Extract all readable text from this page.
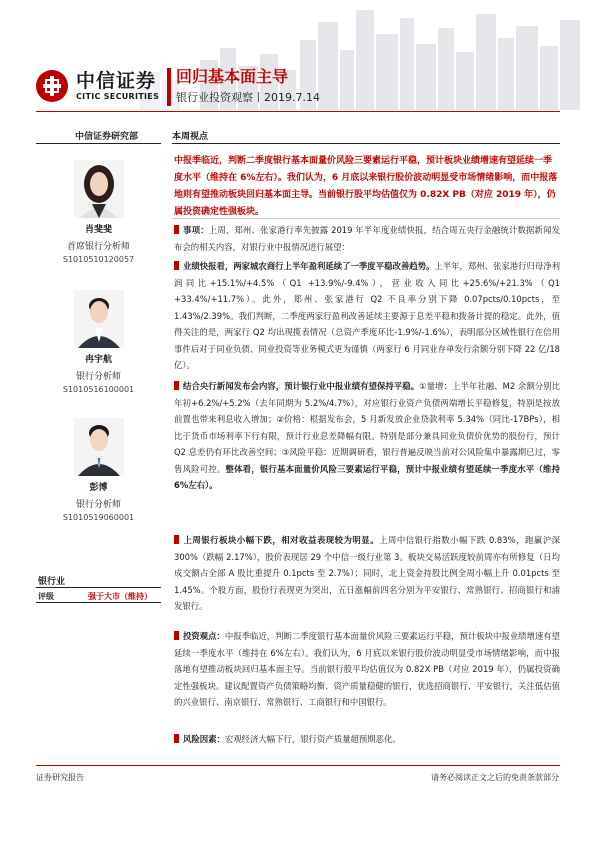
中信证券
CITIC SECURITIES
回归基本面主导
银行业投资观察丨2019.7.14
中信证券研究部
肖斐斐
首席银行分析师
S1010510120057
冉宇航
银行分析师
S1010516100001
彭博
银行分析师
S1010519060001
银行业
评级	强于大市（维持）
本周视点
中报季临近，判断二季度银行基本面量价风险三要素运行平稳，预计板块业绩增速有望延续一季度水平（维持在 6%左右）。我们认为，6 月底以来银行股价波动明显受市场情绪影响，而中报落地则有望推动板块回归基本面主导。当前银行股平均估值仅为 0.82X PB（对应 2019 年），仍属投资确定性强板块。
事项：上周，郑州、张家港行率先披露 2019 年半年度业绩快报，结合周五央行金融统计数据新闻发布会的相关内容，对银行业中报情况进行展望：
业绩快报看，两家城农商行上半年盈利延续了一季度平稳改善趋势。上半年，郑州、张家港行归母净利润同比+15.1%/+4.5%（Q1 +13.9%/-9.4%），营业收入同比+25.6%/+21.3%（Q1 +33.4%/+11.7%）。此外，郑州、张家港行 Q2 不良率分别下降 0.07pcts/0.10pcts，至 1.43%/2.39%。我们判断，二季度两家行盈利改善延续主要源于息差平稳和拨备计提的稳定。此外，值得关注的是，两家行 Q2 均出现揽表情况（总资产季度环比-1.9%/-1.6%），表明部分区域性银行在信用事件后对于同业负债、同业投资等业务模式更为谨慎（两家行 6 月同业存单发行余额分别下降 22 亿/18 亿）。
结合央行新闻发布会内容，预计银行业中报业绩有望保持平稳。①量增：上半年社融、M2 余额分别比年初+6.2%/+5.2%（去年同期为 5.2%/4.7%），对应银行业资产负债两端增长平稳修复，特别是按放前置也带来利息收入增加；②价格：根据发布会，5 月新发放企业贷款利率 5.34%（同比-17BPs），相比于货币市场利率下行有限，预计行业息差降幅有限。特别是部分兼具同业负债价优势的股份行，预计 Q2 息差仍有环比改善空间；③风险平稳：近期调研看，银行普遍反映当前对公风险集中暴露期已过，零售风险可控。整体看，银行基本面量价风险三要素运行平稳，预计中报业绩有望延续一季度水平（维持 6%左右）。
上周银行板块小幅下跌，相对收益表现较为明显。上周中信银行指数小幅下跌 0.83%，跑赢沪深 300%（跌幅 2.17%），股价表现居 29 个中信一级行业第 3。板块交易活跃度较前周亦有所修复（日均成交额占全部 A 股比重提升 0.1pcts 至 2.7%）；同时，北上资金持股比例全周小幅上升 0.01pcts 至 1.45%。个股方面，股份行表现更为突出，五日涨幅前四名分别为平安银行、常熟银行、招商银行和浦发银行。
投资观点：中报季临近，判断二季度银行基本面量价风险三要素运行平稳，预计板块中报业绩增速有望延续一季度水平（维持在 6%左右）。我们认为，6 月底以来银行股价波动明显受市场情绪影响，而中报落地有望推动板块回归基本面主导。当前银行股平均估值仅为 0.82X PB（对应 2019 年），仍属投资确定性强板块。建议配置资产负债策略均衡、资产质量稳健的银行，优选招商银行、平安银行，关注低估值的兴业银行、南京银行、常熟银行、工商银行和中国银行。
风险因素：宏观经济大幅下行，银行资产质量超预期恶化。
证券研究报告	请务必阅读正文之后的免责条款部分
